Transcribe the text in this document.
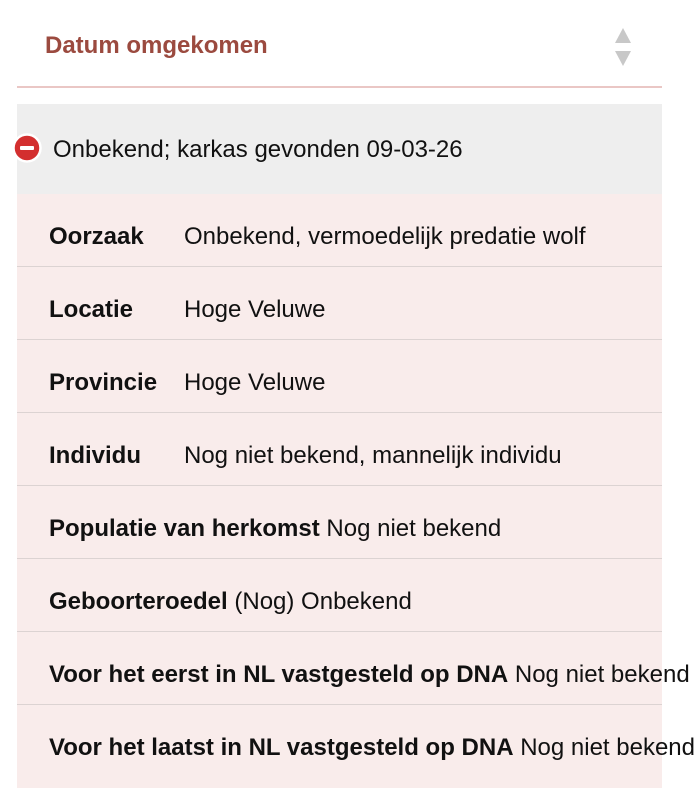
Datum omgekomen
Onbekend; karkas gevonden 09-03-26
Oorzaak Onbekend, vermoedelijk predatie wolf
Locatie Hoge Veluwe
Provincie Hoge Veluwe
Individu Nog niet bekend, mannelijk individu
Populatie van herkomst Nog niet bekend
Geboorteroedel (Nog) Onbekend
Voor het eerst in NL vastgesteld op DNA Nog niet bekend
Voor het laatst in NL vastgesteld op DNA Nog niet bekend
